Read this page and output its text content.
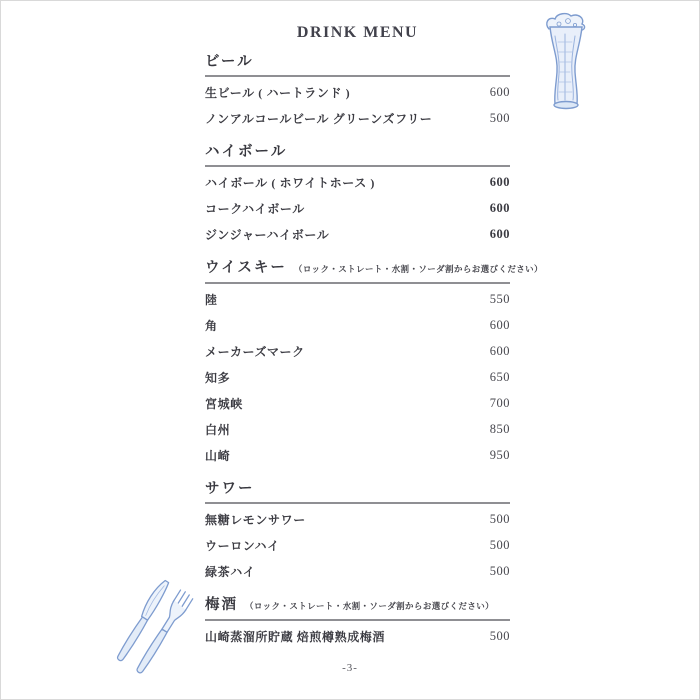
DRINK MENU
ビール
生ビール ( ハートランド )	600
ノンアルコールビール グリーンズフリー	500
ハイボール
ハイボール ( ホワイトホース )	600
コークハイボール	600
ジンジャーハイボール	600
ウイスキー （ロック・ストレート・水割・ソーダ割からお選びください）
陸	550
角	600
メーカーズマーク	600
知多	650
宮城峡	700
白州	850
山崎	950
サワー
無糖レモンサワー	500
ウーロンハイ	500
緑茶ハイ	500
梅酒 （ロック・ストレート・水割・ソーダ割からお選びください）
山崎蒸溜所貯蔵 焙煎樽熟成梅酒	500
-3-
